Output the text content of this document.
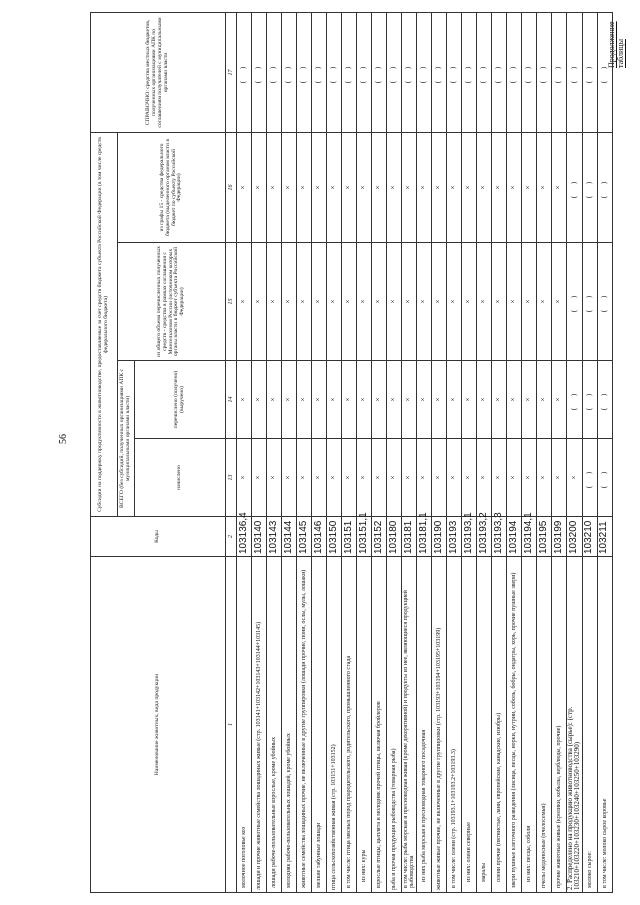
56
Продолжение таблицы
Наименование животных, вида продукции	Коды	Субсидии на поддержку продуктивности в животноводстве, предоставляемые за счет средств бюджета субъекта Российской Федерации (в том числе средств федерального бюджета)				СПРАВОЧНО: средства местных бюджетов, полученных организациями АПК по соглашениям получателей с муниципальными органами власти
		ВСЕГО (без субсидий, полученных организациями АПК с муниципальными органами власти)		из общего объема перечисленных полученных средств - средства в рамках соглашения с Минсельхозом России (источником которых органы власти в бюджет субъекта Российской Федерации)	из графы 15 - средства федерального бюджета (выделенного органом власти в бюджет по субъекту Российской Федерации)	
		начислено	перечислено (получено) (выручено)			
1	2	13	14	15	16	17
молочное поголовье коз	103136,4	×	×	×	×	( )
лошади и прочие животные семейства лошадиных живые (стр. 103141+103142+103143+103144+103145)	103140	×	×	×	×	( )
лошади рабоче-пользовательные взрослые, кроме убойных	103143	×	×	×	×	( )
молодняк рабоче-пользовательных лошадей, кроме убойных	103144	×	×	×	×	( )
животные семейства лошадиных прочие, не включенные в другие группировки (лошади прочие, пони, ослы, мулы, лошаки)	103145	×	×	×	×	( )
мелкие табунные лошади	103146	×	×	×	×	( )
птица сельскохозяйственная живая (стр. 103151+103152)	103150	×	×	×	×	( )
в том числе: птица мясных пород прародительского, родительского, промышленного стада	103151	×	×	×	×	( )
из них: куры	103151,1	×	×	×	×	( )
взрослые птицы, цыплята и молодняк прочей птицы, включая бройлеров	103152	×	×	×	×	( )
рыба и прочая продукция рыбоводства (товарная рыба)	103180	×	×	×	×	( )
в том числе: рыба морская и пресноводная живая (кроме декоративной) и продукты из нее, являющиеся продукцией рыбоводства	103181	×	×	×	×	( )
из них рыба морская и пресноводная товарного посадочная	103181,1	×	×	×	×	( )
животные живые прочие, не включенные в другие группировки (стр. 103193+103194+103195+103199)	103190	×	×	×	×	( )
в том числе: олени (стр. 103193.1+103193.2+103193.3)	103193	×	×	×	×	( )
из них: олени северные	103193,1	×	×	×	×	( )
маралы	103193,2	×	×	×	×	( )
олени прочие (пятнистые, лани, европейские, канадские, изюбры)	103193,3	×	×	×	×	( )
звери пушные клеточного разведения (лисица, песцы, норки, нутрии, соболь, бобры, ондатры, хорь, прочие пушные звери)	103194	×	×	×	×	( )
из них: песцы, соболи	103194,1	×	×	×	×	( )
пчелы медоносные (пчелосемьи)	103195	×	×	×	×	( )
прочие животные живые (кролики, кобылы, верблюды, прочие)	103199	×	×	×	×	( )
2. Распределено на продукцию животноводства (сырье): (стр. 103210+103220+103230+103240+103250+103290)	103200	×	( )	( )	( )	( )
молоко сырое:	103210	( )	( )	( )	( )	( )
в том числе: молоко сырое коровье	103211	( )	( )	( )	( )	( )
